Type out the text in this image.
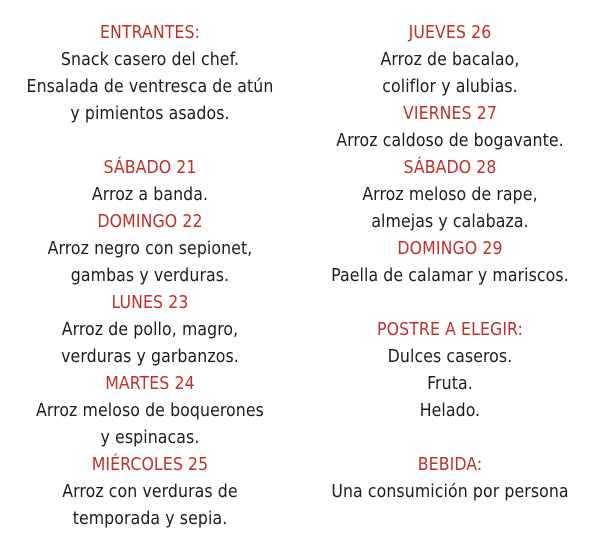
ENTRANTES:
Snack casero del chef.
Ensalada de ventresca de atún
y pimientos asados.
SÁBADO 21
Arroz a banda.
DOMINGO 22
Arroz negro con sepionet,
gambas y verduras.
LUNES 23
Arroz de pollo, magro,
verduras y garbanzos.
MARTES 24
Arroz meloso de boquerones
y espinacas.
MIÉRCOLES 25
Arroz con verduras de
temporada y sepia.
JUEVES 26
Arroz de bacalao,
coliflor y alubias.
VIERNES 27
Arroz caldoso de bogavante.
SÁBADO 28
Arroz meloso de rape,
almejas y calabaza.
DOMINGO 29
Paella de calamar y mariscos.
POSTRE A ELEGIR:
Dulces caseros.
Fruta.
Helado.
BEBIDA:
Una consumición por persona
